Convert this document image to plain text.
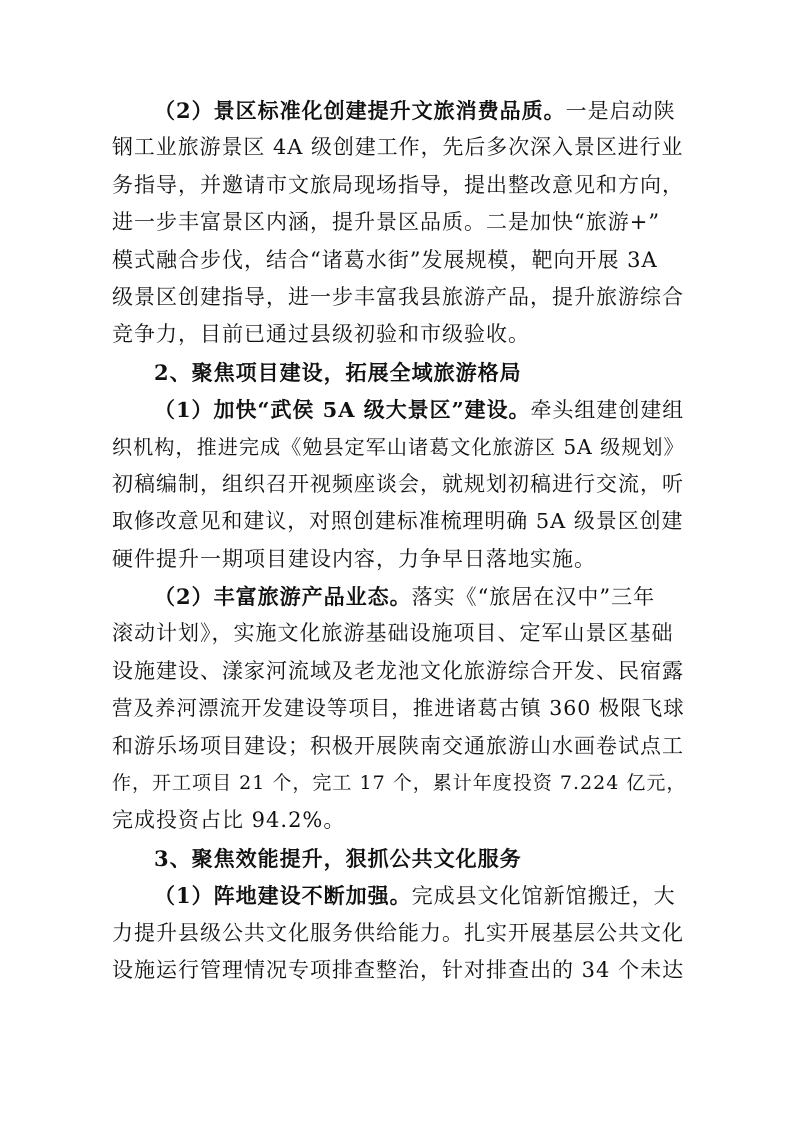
（2）景区标准化创建提升文旅消费品质。一是启动陕
钢工业旅游景区 4A 级创建工作，先后多次深入景区进行业
务指导，并邀请市文旅局现场指导，提出整改意见和方向，
进一步丰富景区内涵，提升景区品质。二是加快“旅游+”
模式融合步伐，结合“诸葛水街”发展规模，靶向开展 3A
级景区创建指导，进一步丰富我县旅游产品，提升旅游综合
竞争力，目前已通过县级初验和市级验收。
2、聚焦项目建设，拓展全域旅游格局
（1）加快“武侯 5A 级大景区”建设。牵头组建创建组
织机构，推进完成《勉县定军山诸葛文化旅游区 5A 级规划》
初稿编制，组织召开视频座谈会，就规划初稿进行交流，听
取修改意见和建议，对照创建标准梳理明确 5A 级景区创建
硬件提升一期项目建设内容，力争早日落地实施。
（2）丰富旅游产品业态。落实《“旅居在汉中”三年
滚动计划》，实施文化旅游基础设施项目、定军山景区基础
设施建设、漾家河流域及老龙池文化旅游综合开发、民宿露
营及养河漂流开发建设等项目，推进诸葛古镇 360 极限飞球
和游乐场项目建设；积极开展陕南交通旅游山水画卷试点工
作，开工项目 21 个，完工 17 个，累计年度投资 7.224 亿元，
完成投资占比 94.2%。
3、聚焦效能提升，狠抓公共文化服务
（1）阵地建设不断加强。完成县文化馆新馆搬迁，大
力提升县级公共文化服务供给能力。扎实开展基层公共文化
设施运行管理情况专项排查整治，针对排查出的 34 个未达
